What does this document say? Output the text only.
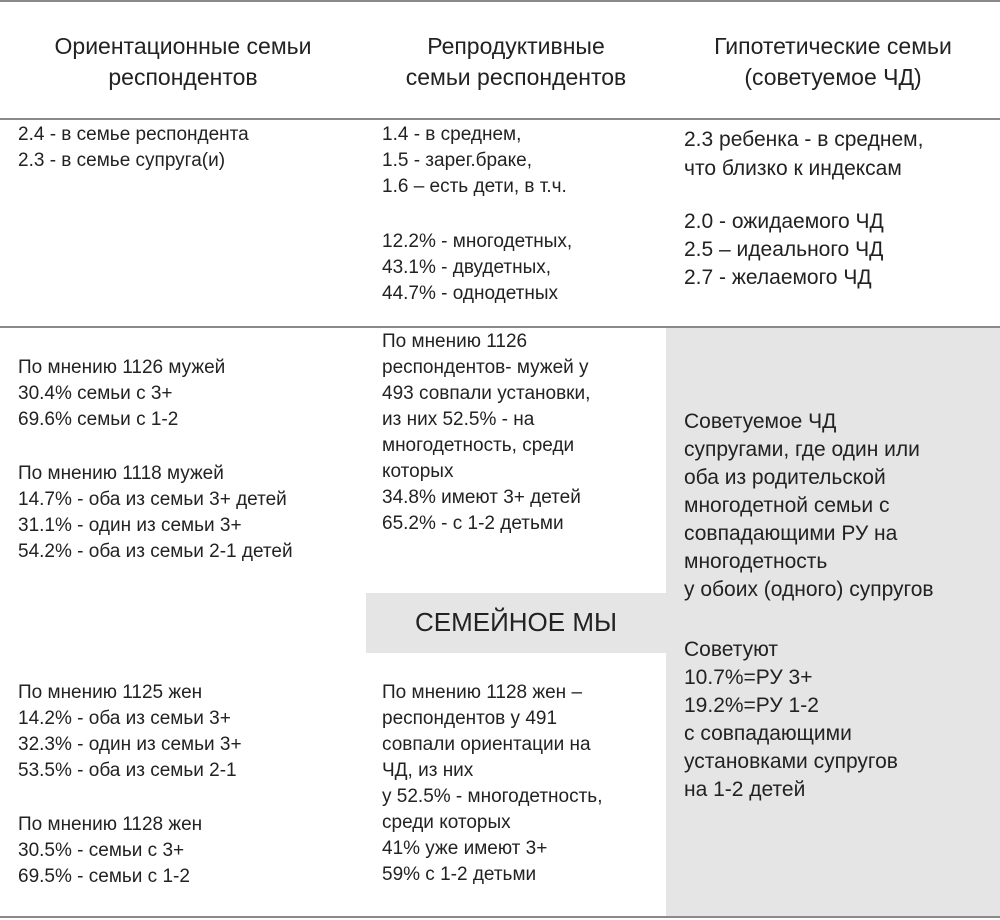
Ориентационные семьи
респондентов
Репродуктивные
семьи респондентов
Гипотетические семьи
(советуемое ЧД)
2.4 - в семье респондента
2.3 - в семье супруга(и)
1.4 - в среднем,
1.5 - зарег.браке,
1.6 – есть дети, в т.ч.
12.2% - многодетных,
43.1% - двудетных,
44.7% - однодетных
2.3 ребенка - в среднем,
что близко к индексам
2.0 - ожидаемого ЧД
2.5 – идеального ЧД
2.7 - желаемого ЧД
По мнению 1126 мужей
30.4% семьи с 3+
69.6% семьи с 1-2
По мнению 1118 мужей
14.7% - оба из семьи 3+ детей
31.1% - один из семьи 3+
54.2% - оба из семьи 2-1 детей
По мнению 1126
респондентов- мужей у
493 совпали установки,
из них 52.5% - на
многодетность, среди
которых
34.8% имеют 3+ детей
65.2% - с 1-2 детьми
СЕМЕЙНОЕ МЫ
По мнению 1125 жен
14.2% - оба из семьи 3+
32.3% - один из семьи 3+
53.5% - оба из семьи 2-1
По мнению 1128 жен
30.5% - семьи с 3+
69.5% - семьи с 1-2
По мнению 1128 жен –
респондентов у 491
совпали ориентации на
ЧД, из них
у 52.5% - многодетность,
среди которых
41% уже имеют 3+
59% с 1-2 детьми
Советуемое ЧД
супругами, где один или
оба из родительской
многодетной семьи с
совпадающими РУ на
многодетность
у обоих (одного) супругов
Советуют
10.7%=РУ 3+
19.2%=РУ 1-2
с совпадающими
установками супругов
на 1-2 детей
